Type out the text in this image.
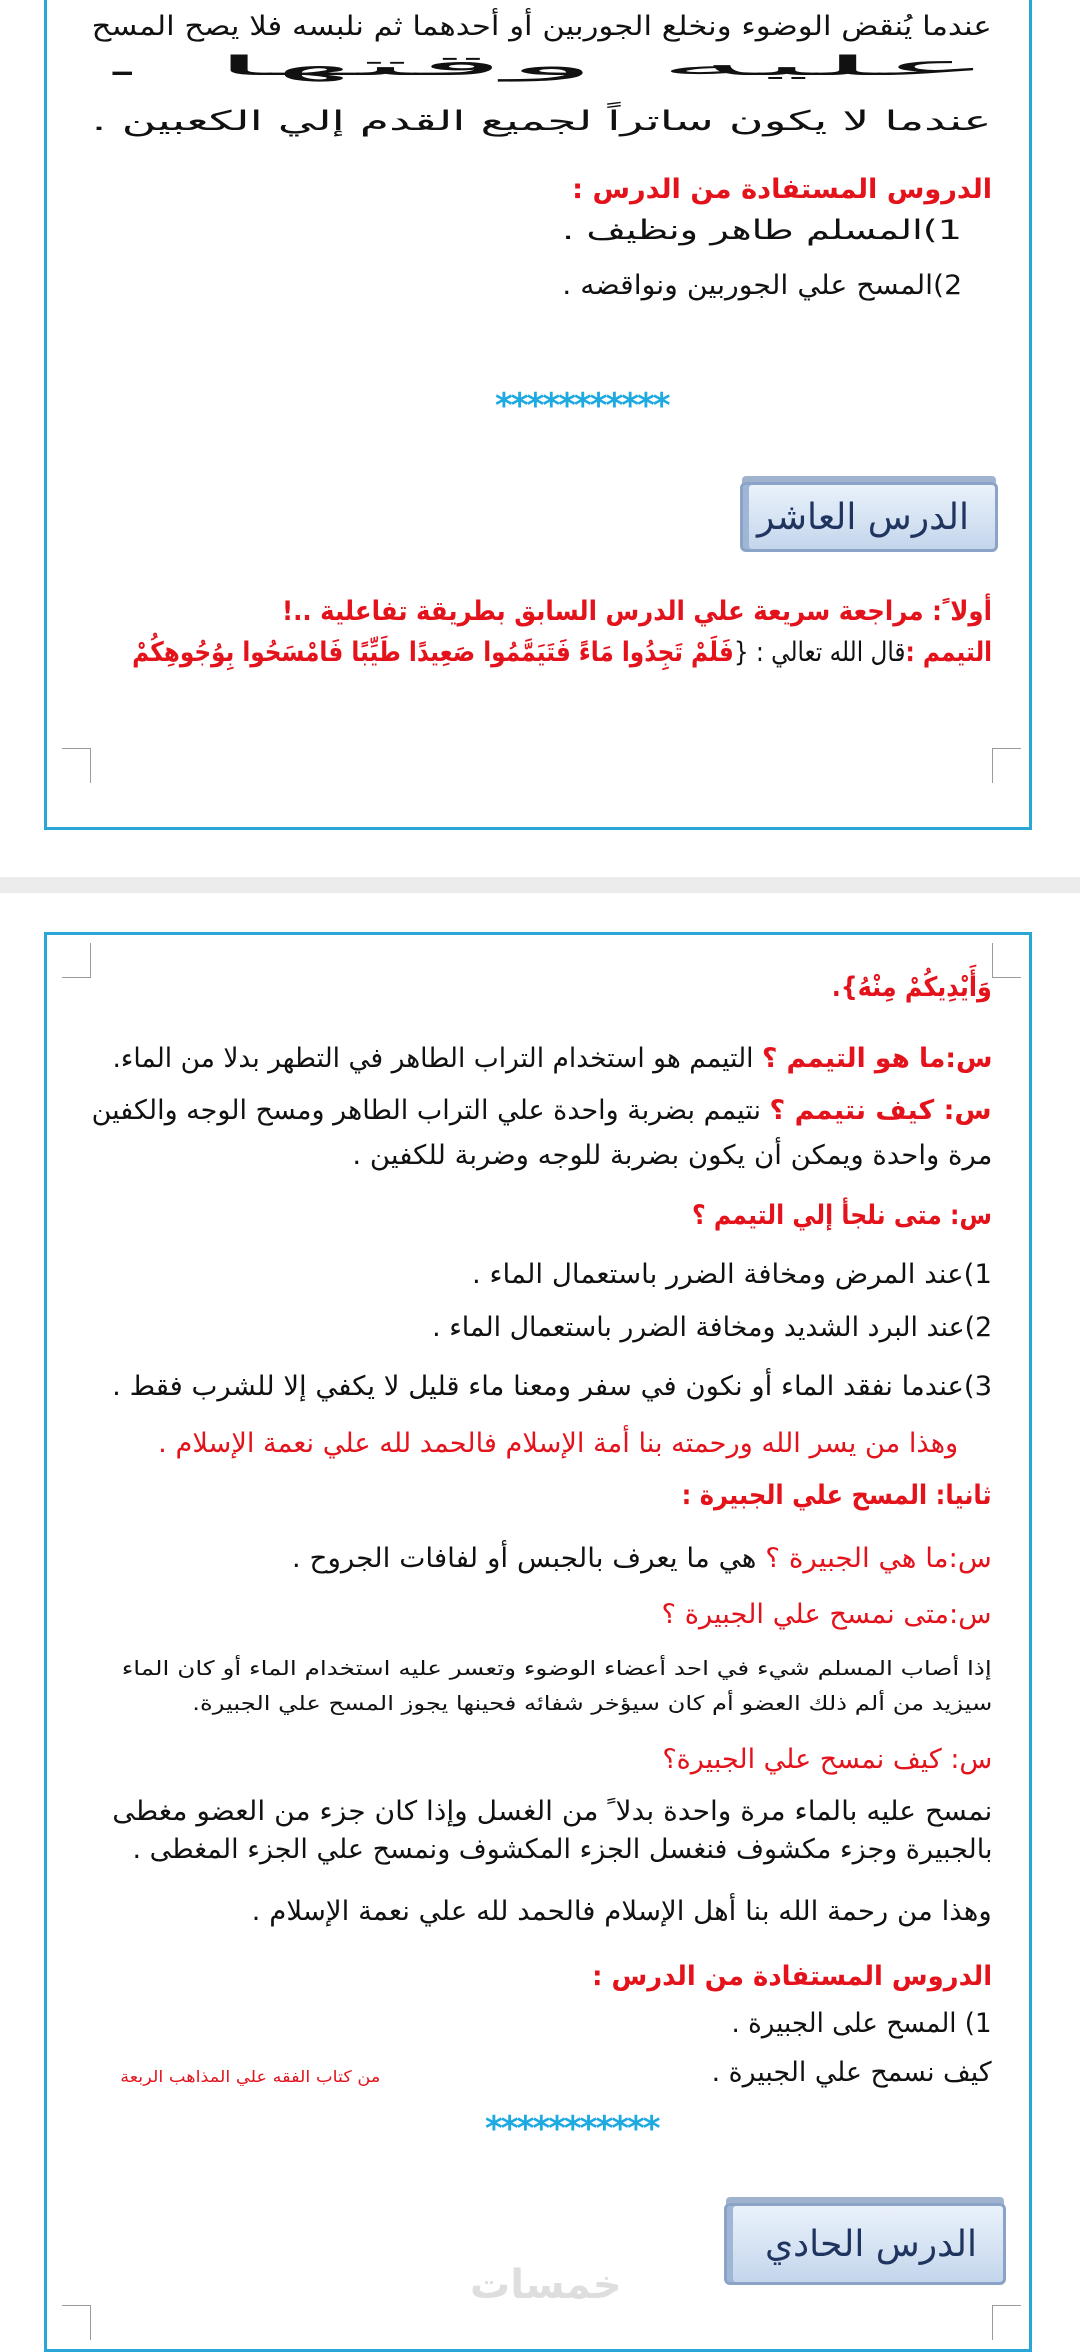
عندما يُنقض الوضوء ونخلع الجوربين أو أحدهما ثم نلبسه فلا يصح المسح
عليه وقتها .
عندما لا يكون ساتراً لجميع القدم إلي الكعبين .
الدروس المستفادة من الدرس :
1)المسلم طاهر ونظيف .
2)المسح علي الجوربين ونواقضه .
***********
الدرس العاشر
أولا ً: مراجعة سريعة علي الدرس السابق بطريقة تفاعلية ..!
التيمم :قال الله تعالي : {فَلَمْ تَجِدُوا مَاءً فَتَيَمَّمُوا صَعِيدًا طَيِّبًا فَامْسَحُوا بِوُجُوهِكُمْ
وَأَيْدِيكُمْ مِنْهُ}.
س:ما هو التيمم ؟ التيمم هو استخدام التراب الطاهر في التطهر بدلا من الماء.
س: كيف نتيمم ؟ نتيمم بضربة واحدة علي التراب الطاهر ومسح الوجه والكفين
مرة واحدة ويمكن أن يكون بضربة للوجه وضربة للكفين .
س: متى نلجأ إلي التيمم ؟
1)عند المرض ومخافة الضرر باستعمال الماء .
2)عند البرد الشديد ومخافة الضرر باستعمال الماء .
3)عندما نفقد الماء أو نكون في سفر ومعنا ماء قليل لا يكفي إلا للشرب فقط .
وهذا من يسر الله ورحمته بنا أمة الإسلام فالحمد لله علي نعمة الإسلام .
ثانيا: المسح علي الجبيرة :
س:ما هي الجبيرة ؟ هي ما يعرف بالجبس أو لفافات الجروح .
س:متى نمسح علي الجبيرة ؟
إذا أصاب المسلم شيء في احد أعضاء الوضوء وتعسر عليه استخدام الماء أو كان الماء
سيزيد من ألم ذلك العضو أم كان سيؤخر شفائه فحينها يجوز المسح علي الجبيرة.
س: كيف نمسح علي الجبيرة؟
نمسح عليه بالماء مرة واحدة بدلا ً من الغسل وإذا كان جزء من العضو مغطى
بالجبيرة وجزء مكشوف فنغسل الجزء المكشوف ونمسح علي الجزء المغطى .
وهذا من رحمة الله بنا أهل الإسلام فالحمد لله علي نعمة الإسلام .
الدروس المستفادة من الدرس :
1) المسح على الجبيرة .
كيف نسمح علي الجبيرة .
من كتاب الفقه علي المذاهب الربعة
***********
الدرس الحادي
خمسات
